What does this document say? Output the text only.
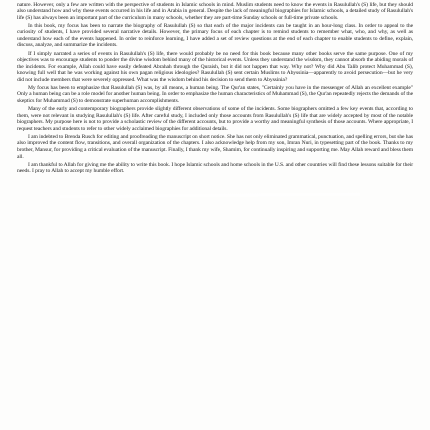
nature. However, only a few are written with the perspective of students in Islamic schools in mind. Muslim students need to know the events in Rasulullah's (S) life, but they should also understand how and why these events occurred in his life and in Arabia in general. Despite the lack of meaningful biographies for Islamic schools, a detailed study of Rasulullah's life (S) has always been an important part of the curriculum in many schools, whether they are part-time Sunday schools or full-time private schools.

In this book, my focus has been to narrate the biography of Rasulullah (S) so that each of the major incidents can be taught in an hour-long class. In order to appeal to the curiosity of students, I have provided several narrative details. However, the primary focus of each chapter is to remind students to remember what, who, and why, as well as understand how each of the events happened. In order to reinforce learning, I have added a set of review questions at the end of each chapter to enable students to define, explain, discuss, analyze, and summarize the incidents.

If I simply narrated a series of events in Rasulullah's (S) life, there would probably be no need for this book because many other books serve the same purpose. One of my objectives was to encourage students to ponder the divine wisdom behind many of the historical events. Unless they understand the wisdom, they cannot absorb the abiding morals of the incidents. For example, Allah could have easily defeated Abrahah through the Quraish, but it did not happen that way. Why not? Why did Abu Talib protect Muhammad (S), knowing full well that he was working against his own pagan religious ideologies? Rasulullah (S) sent certain Muslims to Abyssinia—apparently to avoid persecution—but he very did not include members that were severely oppressed. What was the wisdom behind his decision to send them to Abyssinia?

My focus has been to emphasize that Rasulullah (S) was, by all means, a human being. The Qur'an states, "Certainly you have in the messenger of Allah an excellent example" Only a human being can be a role model for another human being. In order to emphasize the human characteristics of Muhammad (S), the Qur'an repeatedly rejects the demands of the skeptics for Muhammad (S) to demonstrate superhuman accomplishments.

Many of the early and contemporary biographers provide slightly different observations of some of the incidents. Some biographers omitted a few key events that, according to them, were not relevant in studying Rasulullah's (S) life. After careful study, I included only those accounts from Rasulullah's (S) life that are widely accepted by most of the notable biographers. My purpose here is not to provide a scholastic review of the different accounts, but to provide a worthy and meaningful synthesis of those accounts. Where appropriate, I request teachers and students to refer to other widely acclaimed biographies for additional details.

I am indebted to Brenda Rusch for editing and proofreading the manuscript on short notice. She has not only eliminated grammatical, punctuation, and spelling errors, but she has also improved the content flow, transitions, and overall organization of the chapters. I also acknowledge help from my son, Imran Nuri, in typesetting part of the book. Thanks to my brother, Mansur, for providing a critical evaluation of the manuscript. Finally, I thank my wife, Shamim, for continually inspiring and supporting me. May Allah reward and bless them all.

I am thankful to Allah for giving me the ability to write this book. I hope Islamic schools and home schools in the U.S. and other countries will find these lessons suitable for their needs. I pray to Allah to accept my humble effort.
